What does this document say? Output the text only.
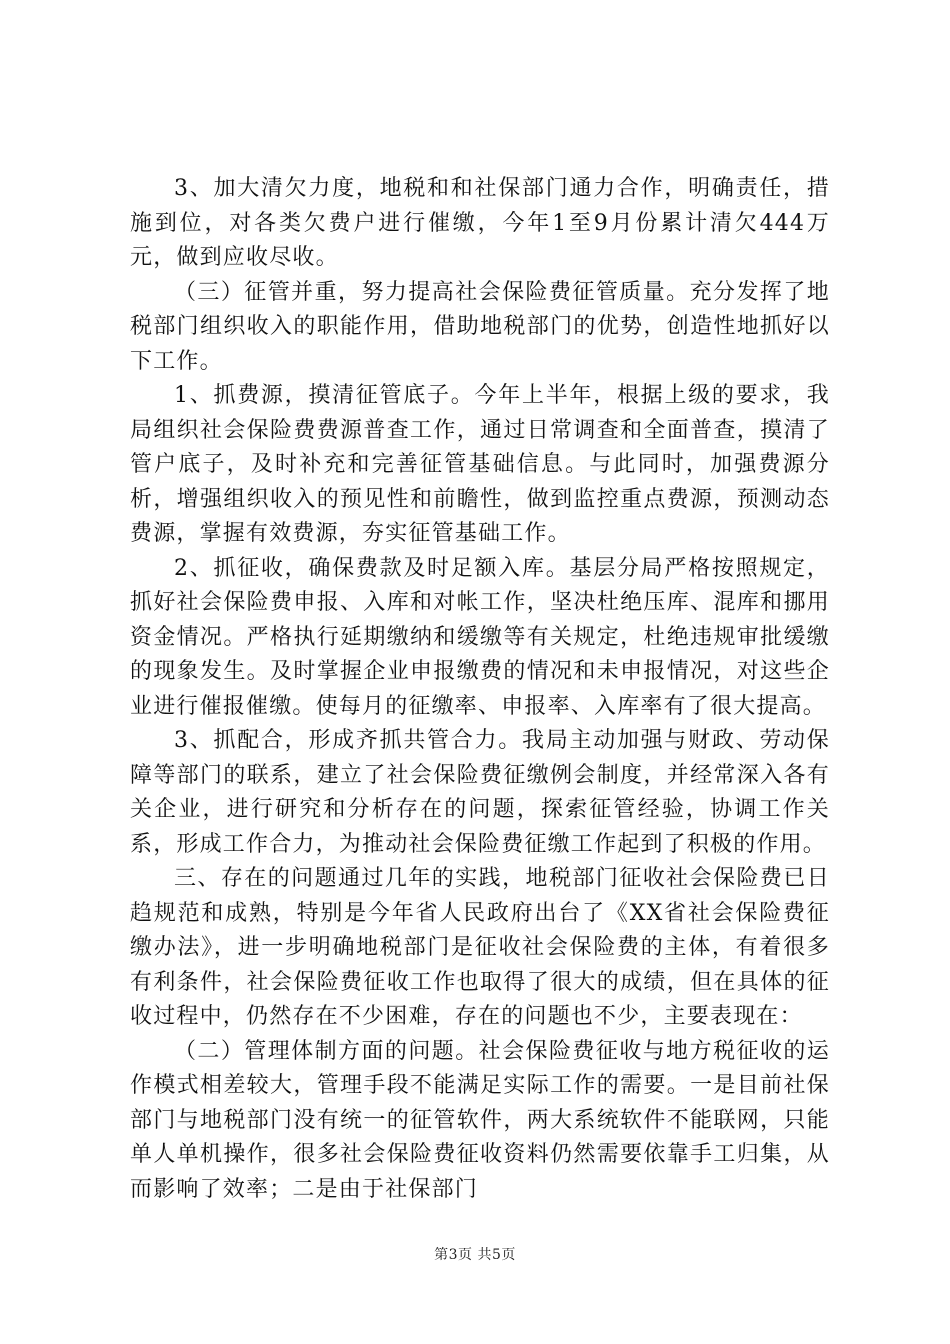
3、加大清欠力度，地税和和社保部门通力合作，明确责任，措施到位，对各类欠费户进行催缴，今年1至9月份累计清欠444万元，做到应收尽收。

（三）征管并重，努力提高社会保险费征管质量。充分发挥了地税部门组织收入的职能作用，借助地税部门的优势，创造性地抓好以下工作。

1、抓费源，摸清征管底子。今年上半年，根据上级的要求，我局组织社会保险费费源普查工作，通过日常调查和全面普查，摸清了管户底子，及时补充和完善征管基础信息。与此同时，加强费源分析，增强组织收入的预见性和前瞻性，做到监控重点费源，预测动态费源，掌握有效费源，夯实征管基础工作。

2、抓征收，确保费款及时足额入库。基层分局严格按照规定，抓好社会保险费申报、入库和对帐工作，坚决杜绝压库、混库和挪用资金情况。严格执行延期缴纳和缓缴等有关规定，杜绝违规审批缓缴的现象发生。及时掌握企业申报缴费的情况和未申报情况，对这些企业进行催报催缴。使每月的征缴率、申报率、入库率有了很大提高。

3、抓配合，形成齐抓共管合力。我局主动加强与财政、劳动保障等部门的联系，建立了社会保险费征缴例会制度，并经常深入各有关企业，进行研究和分析存在的问题，探索征管经验，协调工作关系，形成工作合力，为推动社会保险费征缴工作起到了积极的作用。

三、存在的问题通过几年的实践，地税部门征收社会保险费已日趋规范和成熟，特别是今年省人民政府出台了《XX省社会保险费征缴办法》，进一步明确地税部门是征收社会保险费的主体，有着很多有利条件，社会保险费征收工作也取得了很大的成绩，但在具体的征收过程中，仍然存在不少困难，存在的问题也不少，主要表现在：

（二）管理体制方面的问题。社会保险费征收与地方税征收的运作模式相差较大，管理手段不能满足实际工作的需要。一是目前社保部门与地税部门没有统一的征管软件，两大系统软件不能联网，只能单人单机操作，很多社会保险费征收资料仍然需要依靠手工归集，从而影响了效率；二是由于社保部门

第3页 共5页
